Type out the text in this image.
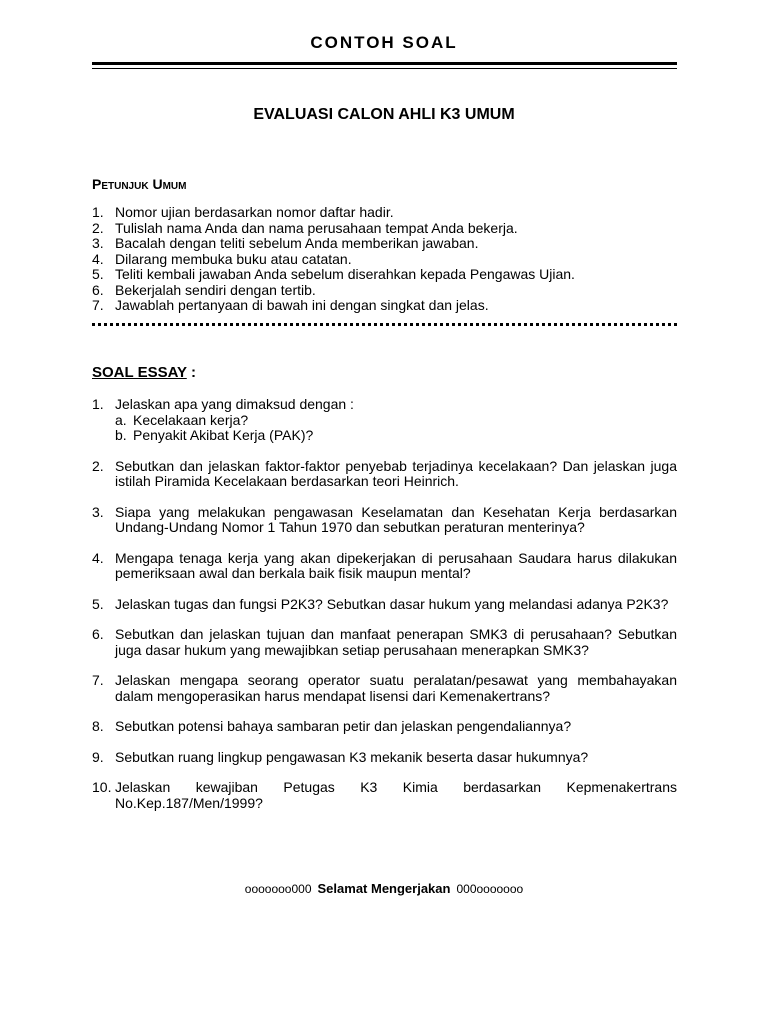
CONTOH SOAL
EVALUASI CALON AHLI K3 UMUM
Petunjuk Umum
1. Nomor ujian berdasarkan nomor daftar hadir.
2. Tulislah nama Anda dan nama perusahaan tempat Anda bekerja.
3. Bacalah dengan teliti sebelum Anda memberikan jawaban.
4. Dilarang membuka buku atau catatan.
5. Teliti kembali jawaban Anda sebelum diserahkan kepada Pengawas Ujian.
6. Bekerjalah sendiri dengan tertib.
7. Jawablah pertanyaan di bawah ini dengan singkat dan jelas.
SOAL ESSAY :
1. Jelaskan apa yang dimaksud dengan :
a. Kecelakaan kerja?
b. Penyakit Akibat Kerja (PAK)?
2. Sebutkan dan jelaskan faktor-faktor penyebab terjadinya kecelakaan? Dan jelaskan juga istilah Piramida Kecelakaan berdasarkan teori Heinrich.
3. Siapa yang melakukan pengawasan Keselamatan dan Kesehatan Kerja berdasarkan Undang-Undang Nomor 1 Tahun 1970 dan sebutkan peraturan menterinya?
4. Mengapa tenaga kerja yang akan dipekerjakan di perusahaan Saudara harus dilakukan pemeriksaan awal dan berkala baik fisik maupun mental?
5. Jelaskan tugas dan fungsi P2K3? Sebutkan dasar hukum yang melandasi adanya P2K3?
6. Sebutkan dan jelaskan tujuan dan manfaat penerapan SMK3 di perusahaan? Sebutkan juga dasar hukum yang mewajibkan setiap perusahaan menerapkan SMK3?
7. Jelaskan mengapa seorang operator suatu peralatan/pesawat yang membahayakan dalam mengoperasikan harus mendapat lisensi dari Kemenakertrans?
8. Sebutkan potensi bahaya sambaran petir dan jelaskan pengendaliannya?
9. Sebutkan ruang lingkup pengawasan K3 mekanik beserta dasar hukumnya?
10. Jelaskan kewajiban Petugas K3 Kimia berdasarkan Kepmenakertrans
No.Kep.187/Men/1999?
ooooooo000 Selamat Mengerjakan 000ooooooo
